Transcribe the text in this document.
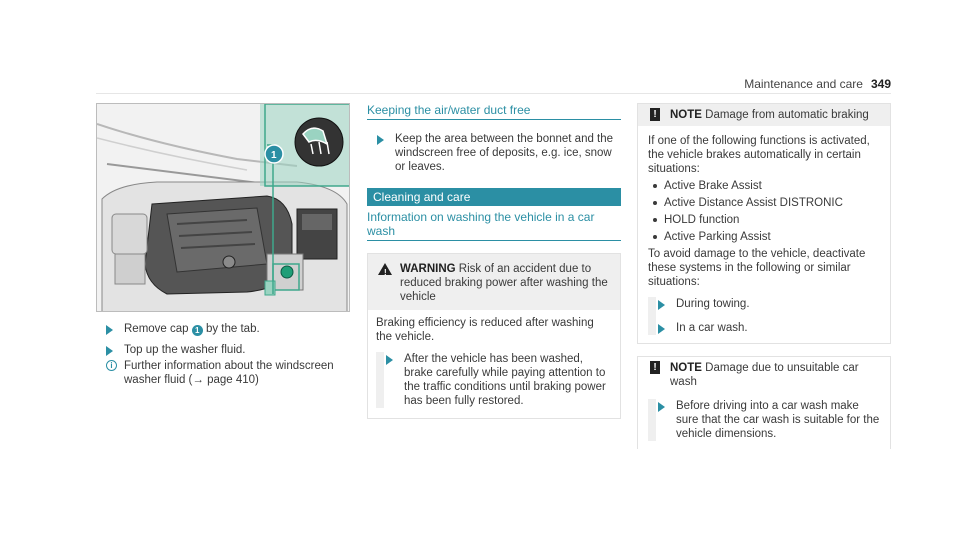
Maintenance and care 349
1
Remove cap 1 by the tab.
Top up the washer fluid.
i Further information about the windscreen washer fluid (→ page 410)
Keeping the air/water duct free
Keep the area between the bonnet and the windscreen free of deposits, e.g. ice, snow or leaves.
Cleaning and care
Information on washing the vehicle in a car wash
! WARNING Risk of an accident due to reduced braking power after washing the vehicle
Braking efficiency is reduced after washing the vehicle.
After the vehicle has been washed, brake carefully while paying attention to the traffic conditions until braking power has been fully restored.
! NOTE Damage from automatic braking
If one of the following functions is activated, the vehicle brakes automatically in certain situations:
Active Brake Assist
Active Distance Assist DISTRONIC
HOLD function
Active Parking Assist
To avoid damage to the vehicle, deactivate these systems in the following or similar situations:
During towing.
In a car wash.
! NOTE Damage due to unsuitable car wash
Before driving into a car wash make sure that the car wash is suitable for the vehicle dimensions.
